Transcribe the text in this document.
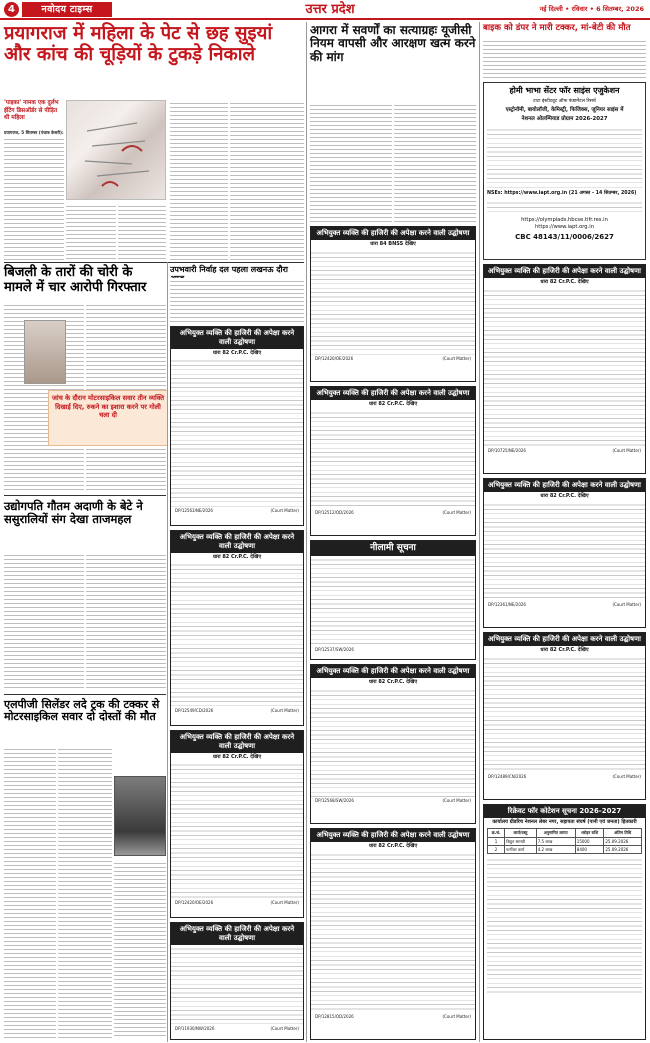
4	नवोदय टाइम्स	उत्तर प्रदेश	नई दिल्ली • रविवार • 6 सितम्बर, 2026
प्रयागराज में महिला के पेट से छह सुइयां और कांच की चूड़ियों के टुकड़े निकाले
'पाइका' नामक एक दुर्लभ ईटिंग डिसऑर्डर से पीड़ित थी महिला
प्रयागराज, 5 सितम्बर (पंजाब केसरी):
बिजली के तारों की चोरी के मामले में चार आरोपी गिरफ्तार
जांच के दौरान मोटरसाइकिल सवार तीन व्यक्ति दिखाई दिए, रुकने का इशारा करने पर गोली चला दी
उद्योगपति गौतम अदाणी के बेटे ने ससुरालियों संग देखा ताजमहल
एलपीजी सिलेंडर लदे ट्रक की टक्कर से मोटरसाइकिल सवार दो दोस्तों की मौत
उपभवारी निर्वाह दल पहला लखनऊ दौरा
अभियुक्त व्यक्ति की हाजिरी की अपेक्षा करने वाली उद्घोषणा
धारा 82 Cr.P.C. देखिए
DP/12563/NE/2026	(Court Matter)
अभियुक्त व्यक्ति की हाजिरी की अपेक्षा करने वाली उद्घोषणा
धारा 82 Cr.P.C. देखिए
DP/12549/CD/2026	(Court Matter)
अभियुक्त व्यक्ति की हाजिरी की अपेक्षा करने वाली उद्घोषणा
धारा 82 Cr.P.C. देखिए
DP/12420/OE/2026	(Court Matter)
अभियुक्त व्यक्ति की हाजिरी की अपेक्षा करने वाली उद्घोषणा
DP/11930/NW/2026	(Court Matter)
आगरा में सवर्णों का सत्याग्रहः यूजीसी नियम वापसी और आरक्षण खत्म करने की मांग
अभियुक्त व्यक्ति की हाजिरी की अपेक्षा करने वाली उद्घोषणा
धारा 84 BNSS देखिए
DP/12420/OE/2026	(Court Matter)
अभियुक्त व्यक्ति की हाजिरी की अपेक्षा करने वाली उद्घोषणा
धारा 82 Cr.P.C. देखिए
DP/12512/OD/2026	(Court Matter)
नीलामी सूचना
DP/12537/SW/2026
अभियुक्त व्यक्ति की हाजिरी की अपेक्षा करने वाली उद्घोषणा
धारा 82 Cr.P.C. देखिए
DP/12568/SW/2026	(Court Matter)
अभियुक्त व्यक्ति की हाजिरी की अपेक्षा करने वाली उद्घोषणा
धारा 82 Cr.P.C. देखिए
DP/12815/OD/2026	(Court Matter)
बाइक को डंपर ने मारी टक्कर, मां-बेटी की मौत
होमी भाभा सेंटर फॉर साइंस एजुकेशन
टाटा इंस्टीट्यूट ऑफ फंडामेंटल रिसर्च
एस्ट्रोनॉमी, बायोलॉजी, केमिस्ट्री, फिजिक्स, जूनियर साइंस में
नेशनल ओलम्पियाड प्रोग्राम 2026-2027
NSEs: https://www.iapt.org.in (21 अगस्त - 14 सितम्बर, 2026)
https://olympiads.hbcse.tifr.res.in
https://www.iapt.org.in
CBC 48143/11/0006/2627
अभियुक्त व्यक्ति की हाजिरी की अपेक्षा करने वाली उद्घोषणा
धारा 82 Cr.P.C. देखिए
DP/10725/NE/2026	(Court Matter)
अभियुक्त व्यक्ति की हाजिरी की अपेक्षा करने वाली उद्घोषणा
धारा 82 Cr.P.C. देखिए
DP/12361/NE/2026	(Court Matter)
अभियुक्त व्यक्ति की हाजिरी की अपेक्षा करने वाली उद्घोषणा
धारा 82 Cr.P.C. देखिए
DP/12489/CN/2026	(Court Matter)
रिक्रेवट फॉर कोटेशन सूचना 2026-2027
कार्यालय ग्रीडरिच नेशनल लेबर नगर, सहायता संघर्ष (पानी एवं जनता) हितकारी
क्र.सं.	कार्य/वस्तु	अनुमानित लागत	धरोहर राशि	अंतिम तिथि
1	विद्युत सामग्री	7.5 लाख	15000	25.09.2026
2	फर्नीचर कार्य	4.2 लाख	8400	25.09.2026
